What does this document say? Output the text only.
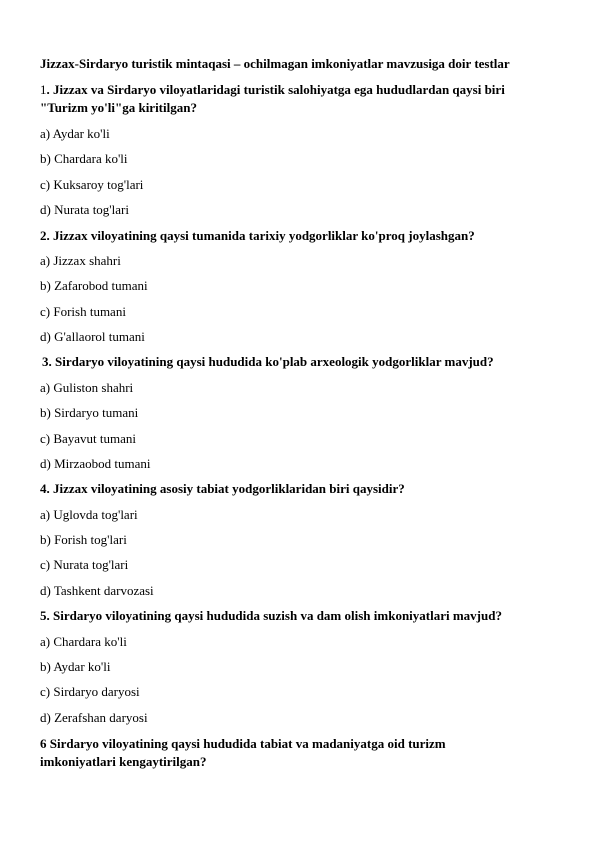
Jizzax-Sirdaryo turistik mintaqasi – ochilmagan imkoniyatlar mavzusiga doir testlar
1. Jizzax va Sirdaryo viloyatlaridagi turistik salohiyatga ega hududlardan qaysi biri
"Turizm yo'li"ga kiritilgan?
a) Aydar ko'li
b) Chardara ko'li
c) Kuksaroy tog'lari
d) Nurata tog'lari
2. Jizzax viloyatining qaysi tumanida tarixiy yodgorliklar ko'proq joylashgan?
a) Jizzax shahri
b) Zafarobod tumani
c) Forish tumani
d) G'allaorol tumani
3. Sirdaryo viloyatining qaysi hududida ko'plab arxeologik yodgorliklar mavjud?
a) Guliston shahri
b) Sirdaryo tumani
c) Bayavut tumani
d) Mirzaobod tumani
4. Jizzax viloyatining asosiy tabiat yodgorliklaridan biri qaysidir?
a) Uglovda tog'lari
b) Forish tog'lari
c) Nurata tog'lari
d) Tashkent darvozasi
5. Sirdaryo viloyatining qaysi hududida suzish va dam olish imkoniyatlari mavjud?
a) Chardara ko'li
b) Aydar ko'li
c) Sirdaryo daryosi
d) Zerafshan daryosi
6 Sirdaryo viloyatining qaysi hududida tabiat va madaniyatga oid turizm
imkoniyatlari kengaytirilgan?
